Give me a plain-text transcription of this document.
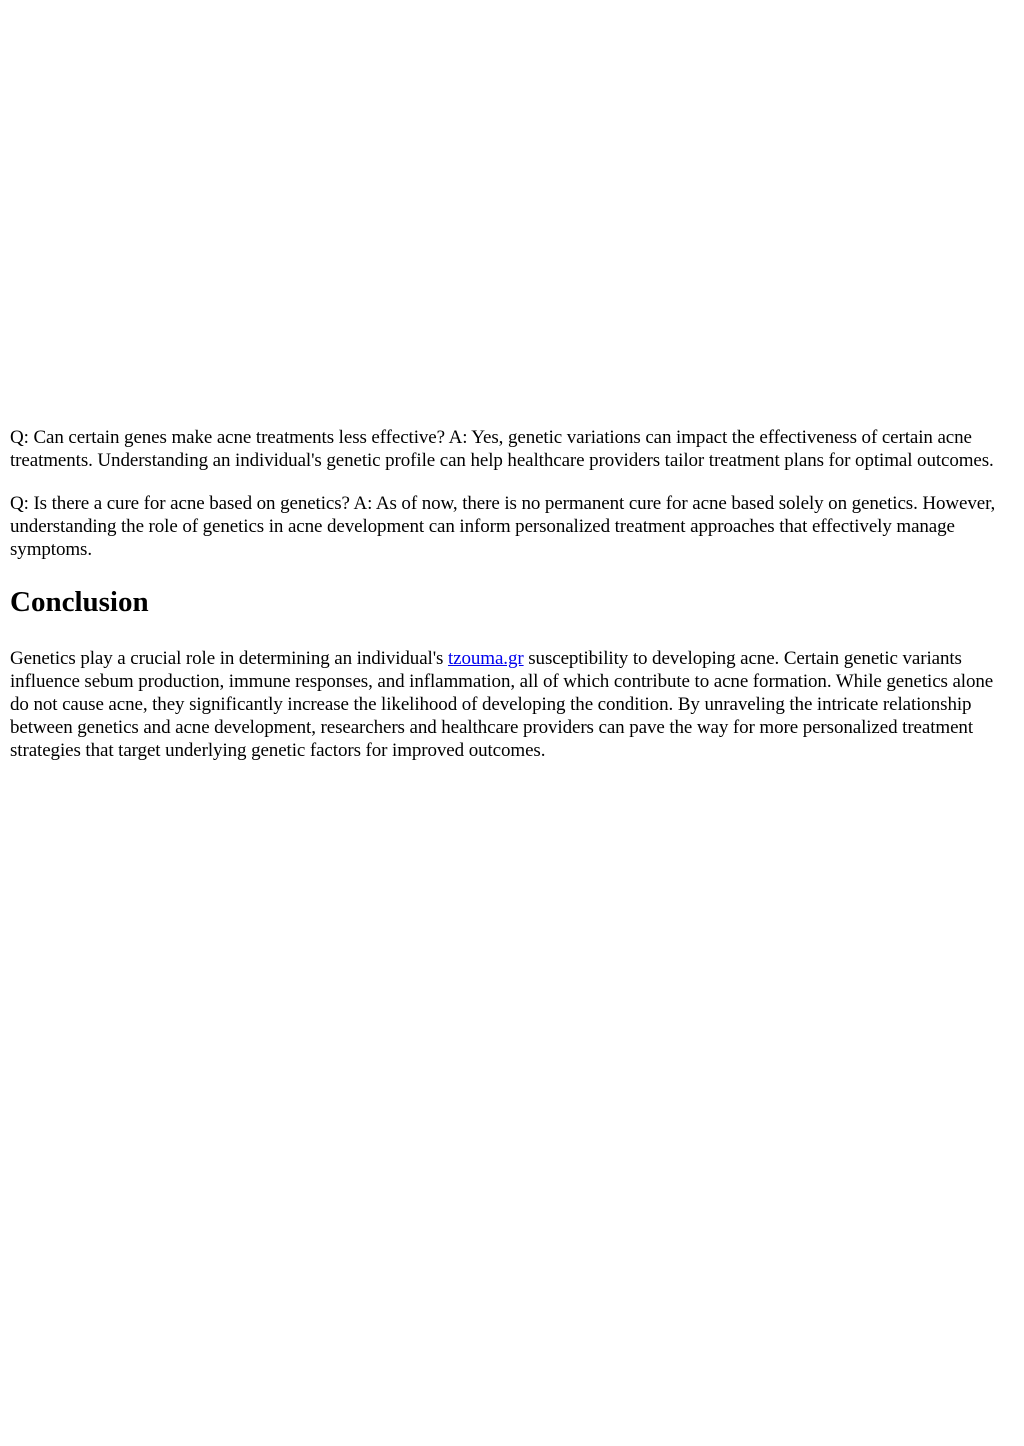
Q: Can certain genes make acne treatments less effective? A: Yes, genetic variations can impact the effectiveness of certain acne treatments. Understanding an individual's genetic profile can help healthcare providers tailor treatment plans for optimal outcomes.

Q: Is there a cure for acne based on genetics? A: As of now, there is no permanent cure for acne based solely on genetics. However, understanding the role of genetics in acne development can inform personalized treatment approaches that effectively manage symptoms.

Conclusion

Genetics play a crucial role in determining an individual's tzouma.gr susceptibility to developing acne. Certain genetic variants influence sebum production, immune responses, and inflammation, all of which contribute to acne formation. While genetics alone do not cause acne, they significantly increase the likelihood of developing the condition. By unraveling the intricate relationship between genetics and acne development, researchers and healthcare providers can pave the way for more personalized treatment strategies that target underlying genetic factors for improved outcomes.
